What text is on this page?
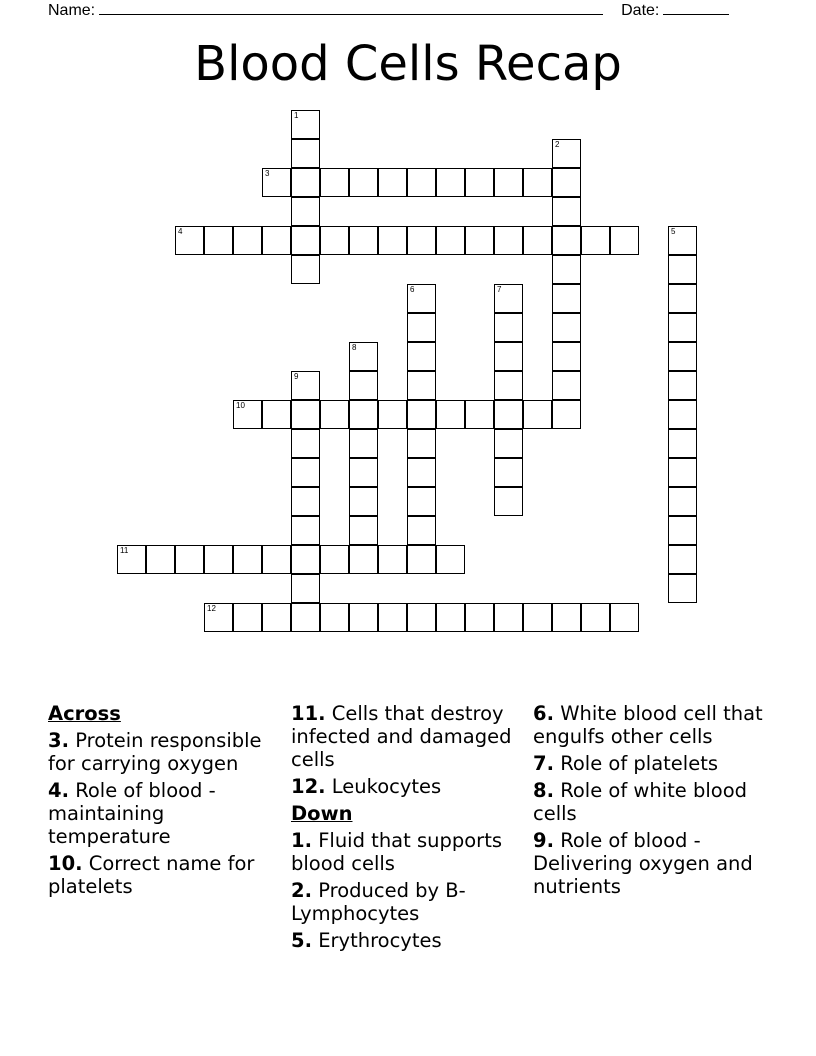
Name:	Date:
Blood Cells Recap
1
2
3
4	5
6	7
8
9
10
11
12
Across
3. Protein responsible for carrying oxygen
4. Role of blood - maintaining temperature
10. Correct name for platelets
11. Cells that destroy infected and damaged cells
12. Leukocytes
Down
1. Fluid that supports blood cells
2. Produced by B-Lymphocytes
5. Erythrocytes
6. White blood cell that engulfs other cells
7. Role of platelets
8. Role of white blood cells
9. Role of blood - Delivering oxygen and nutrients
